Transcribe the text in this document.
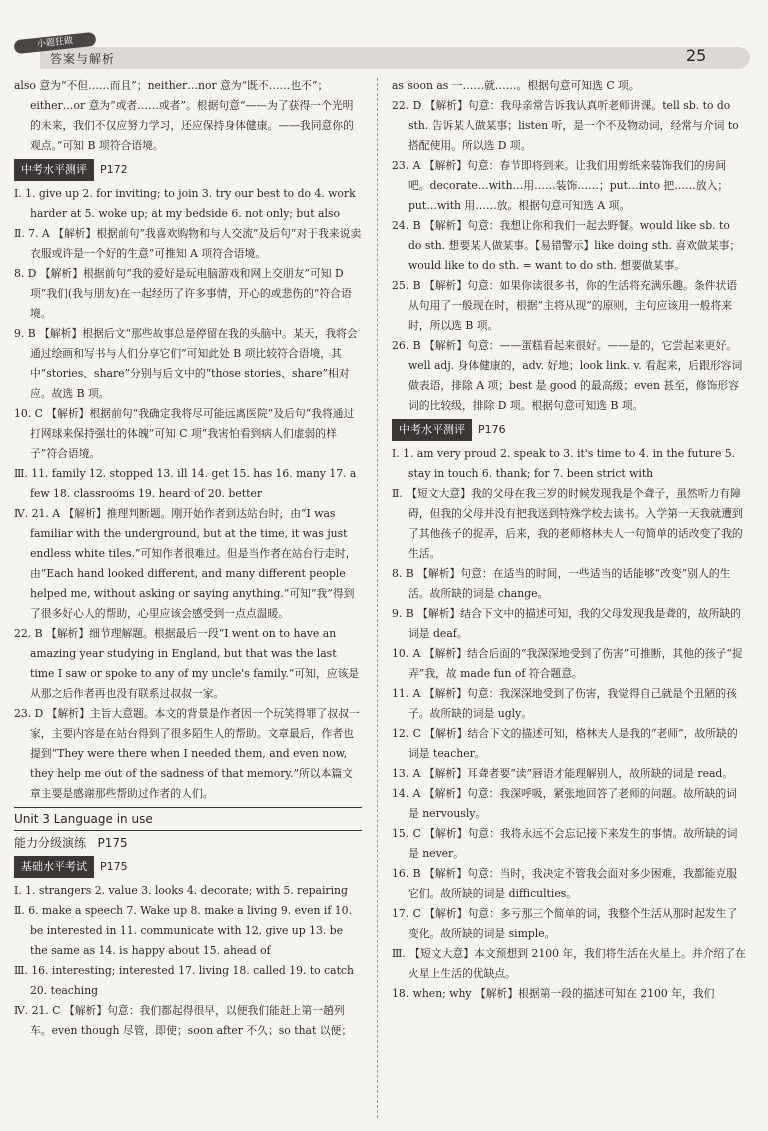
小题狂做
答案与解析	25

also 意为“不但……而且”；neither…nor 意为“既不……也不”；either…or 意为“或者……或者”。根据句意“——为了获得一个光明的未来，我们不仅应努力学习，还应保持身体健康。——我同意你的观点。”可知 B 项符合语境。

中考水平测评 P172

Ⅰ. 1. give up 2. for inviting; to join 3. try our best to do 4. work harder at 5. woke up; at my bedside 6. not only; but also

Ⅱ. 7. A 【解析】根据前句“我喜欢购物和与人交流”及后句“对于我来说卖衣服或许是一个好的生意”可推知 A 项符合语境。

8. D 【解析】根据前句“我的爱好是玩电脑游戏和网上交朋友”可知 D 项“我们(我与朋友)在一起经历了许多事情，开心的或悲伤的”符合语境。

9. B 【解析】根据后文“那些故事总是停留在我的头脑中。某天，我将会通过绘画和写书与人们分享它们”可知此处 B 项比较符合语境，其中“stories、share”分别与后文中的“those stories、share”相对应。故选 B 项。

10. C 【解析】根据前句“我确定我将尽可能远离医院”及后句“我将通过打网球来保持强壮的体魄”可知 C 项“我害怕看到病人们虚弱的样子”符合语境。

Ⅲ. 11. family 12. stopped 13. ill 14. get 15. has 16. many 17. a few 18. classrooms 19. heard of 20. better

Ⅳ. 21. A 【解析】推理判断题。刚开始作者到达站台时，由“I was familiar with the underground, but at the time, it was just endless white tiles.”可知作者很难过。但是当作者在站台行走时，由“Each hand looked different, and many different people helped me, without asking or saying anything.”可知“我”得到了很多好心人的帮助，心里应该会感受到一点点温暖。

22. B 【解析】细节理解题。根据最后一段“I went on to have an amazing year studying in England, but that was the last time I saw or spoke to any of my uncle's family.”可知，应该是从那之后作者再也没有联系过叔叔一家。

23. D 【解析】主旨大意题。本文的背景是作者因一个玩笑得罪了叔叔一家，主要内容是在站台得到了很多陌生人的帮助。文章最后，作者也提到“They were there when I needed them, and even now, they help me out of the sadness of that memory.”所以本篇文章主要是感谢那些帮助过作者的人们。

Unit 3 Language in use
能力分级演练 P175
基础水平考试 P175

Ⅰ. 1. strangers 2. value 3. looks 4. decorate; with 5. repairing

Ⅱ. 6. make a speech 7. Wake up 8. make a living 9. even if 10. be interested in 11. communicate with 12. give up 13. be the same as 14. is happy about 15. ahead of

Ⅲ. 16. interesting; interested 17. living 18. called 19. to catch 20. teaching

Ⅳ. 21. C 【解析】句意：我们都起得很早，以便我们能赶上第一趟列车。even though 尽管，即使；soon after 不久；so that 以便；

as soon as 一……就……。根据句意可知选 C 项。

22. D 【解析】句意：我母亲常告诉我认真听老师讲课。tell sb. to do sth. 告诉某人做某事；listen 听，是一个不及物动词，经常与介词 to 搭配使用。所以选 D 项。

23. A 【解析】句意：春节即将到来。让我们用剪纸来装饰我们的房间吧。decorate…with…用……装饰……；put…into 把……放入；put…with 用……放。根据句意可知选 A 项。

24. B 【解析】句意：我想让你和我们一起去野餐。would like sb. to do sth. 想要某人做某事。【易错警示】like doing sth. 喜欢做某事；would like to do sth. = want to do sth. 想要做某事。

25. B 【解析】句意：如果你读很多书，你的生活将充满乐趣。条件状语从句用了一般现在时，根据“主将从现”的原则，主句应该用一般将来时，所以选 B 项。

26. B 【解析】句意：——蛋糕看起来很好。——是的，它尝起来更好。well adj. 身体健康的，adv. 好地；look link. v. 看起来，后跟形容词做表语，排除 A 项；best 是 good 的最高级；even 甚至，修饰形容词的比较级，排除 D 项。根据句意可知选 B 项。

中考水平测评 P176

Ⅰ. 1. am very proud 2. speak to 3. it's time to 4. in the future 5. stay in touch 6. thank; for 7. been strict with

Ⅱ. 【短文大意】我的父母在我三岁的时候发现我是个聋子，虽然听力有障碍，但我的父母并没有把我送到特殊学校去读书。入学第一天我就遭到了其他孩子的捉弄，后来，我的老师格林夫人一句简单的话改变了我的生活。

8. B 【解析】句意：在适当的时间，一些适当的话能够“改变”别人的生活。故所缺的词是 change。

9. B 【解析】结合下文中的描述可知，我的父母发现我是聋的，故所缺的词是 deaf。

10. A 【解析】结合后面的“我深深地受到了伤害”可推断，其他的孩子“捉弄”我，故 made fun of 符合题意。

11. A 【解析】句意：我深深地受到了伤害，我觉得自己就是个丑陋的孩子。故所缺的词是 ugly。

12. C 【解析】结合下文的描述可知，格林夫人是我的“老师”，故所缺的词是 teacher。

13. A 【解析】耳聋者要“读”唇语才能理解别人，故所缺的词是 read。

14. A 【解析】句意：我深呼吸，紧张地回答了老师的问题。故所缺的词是 nervously。

15. C 【解析】句意：我将永远不会忘记接下来发生的事情。故所缺的词是 never。

16. B 【解析】句意：当时，我决定不管我会面对多少困难，我都能克服它们。故所缺的词是 difficulties。

17. C 【解析】句意：多亏那三个简单的词，我整个生活从那时起发生了变化。故所缺的词是 simple。

Ⅲ. 【短文大意】本文预想到 2100 年，我们将生活在火星上。并介绍了在火星上生活的优缺点。

18. when; why 【解析】根据第一段的描述可知在 2100 年，我们
